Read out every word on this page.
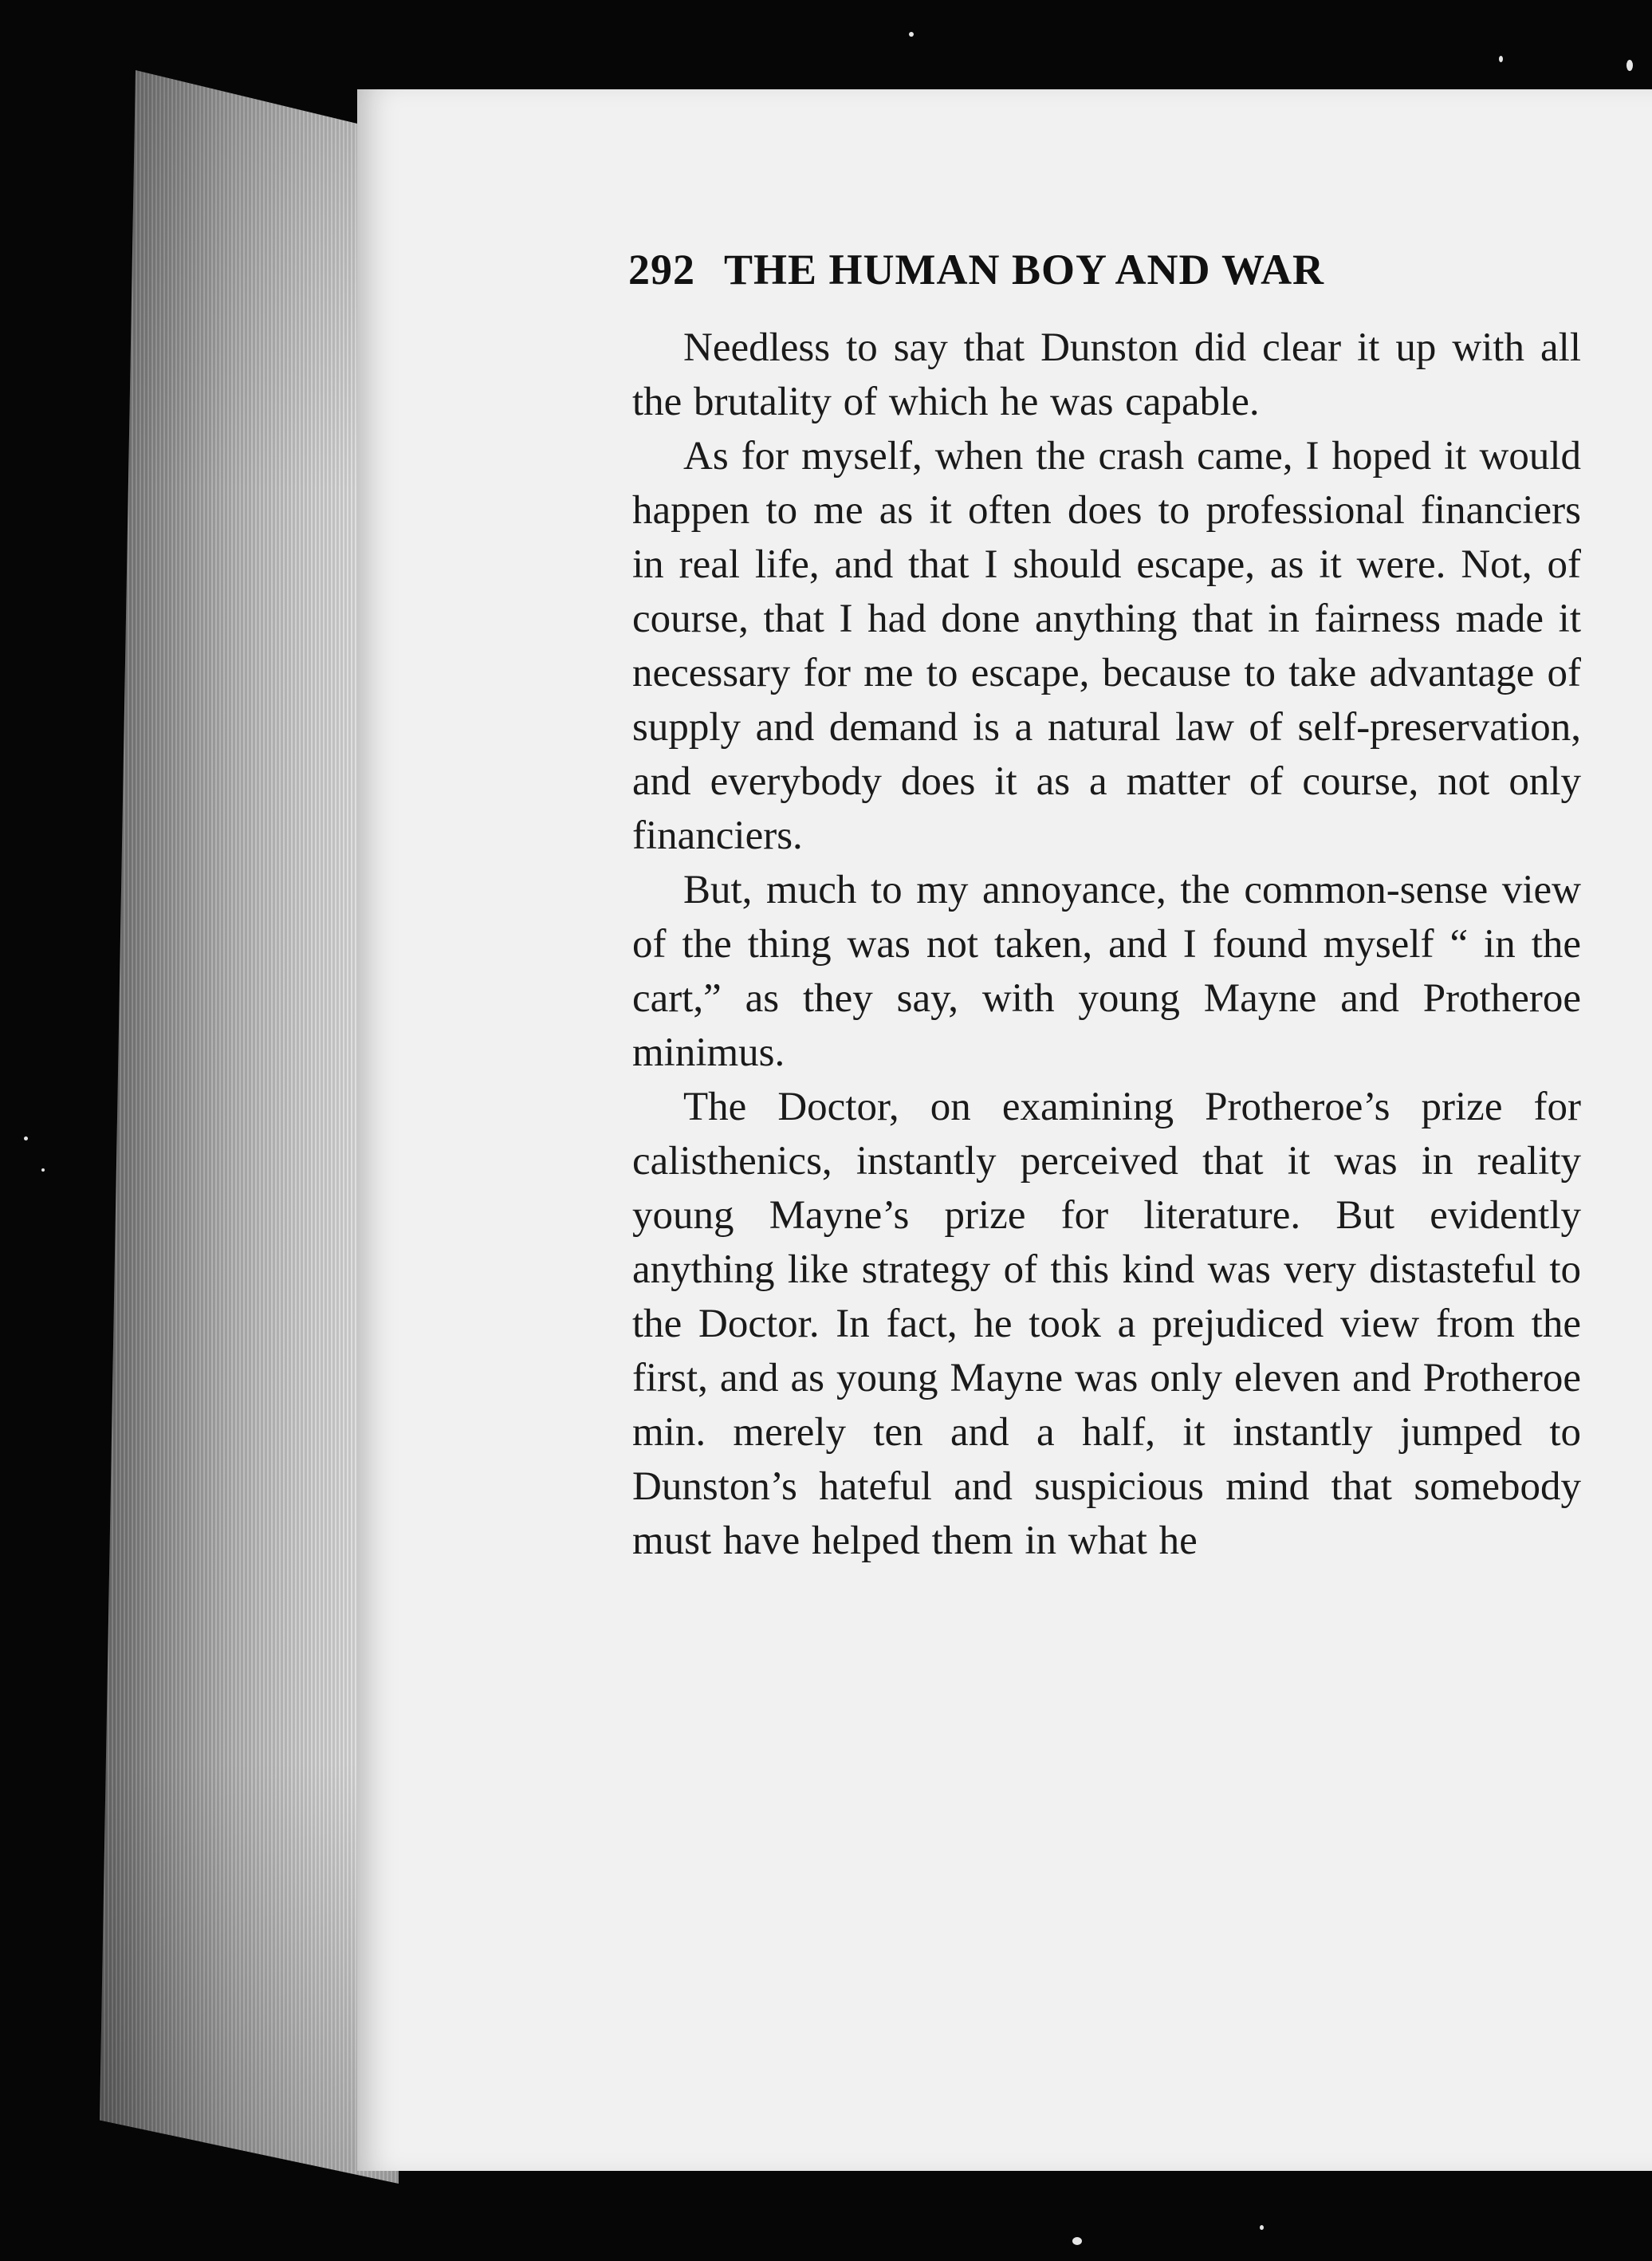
292 THE HUMAN BOY AND WAR

Needless to say that Dunston did clear it up with all the brutality of which he was capable.

As for myself, when the crash came, I hoped it would happen to me as it often does to professional financiers in real life, and that I should escape, as it were. Not, of course, that I had done anything that in fairness made it necessary for me to escape, because to take advantage of supply and demand is a natural law of self-preservation, and everybody does it as a matter of course, not only financiers.

But, much to my annoyance, the common-sense view of the thing was not taken, and I found myself “ in the cart,” as they say, with young Mayne and Protheroe minimus.

The Doctor, on examining Protheroe’s prize for calisthenics, instantly perceived that it was in reality young Mayne’s prize for literature. But evidently anything like strategy of this kind was very distasteful to the Doctor. In fact, he took a prejudiced view from the first, and as young Mayne was only eleven and Protheroe min. merely ten and a half, it instantly jumped to Dunston’s hateful and suspicious mind that somebody must have helped them in what he
